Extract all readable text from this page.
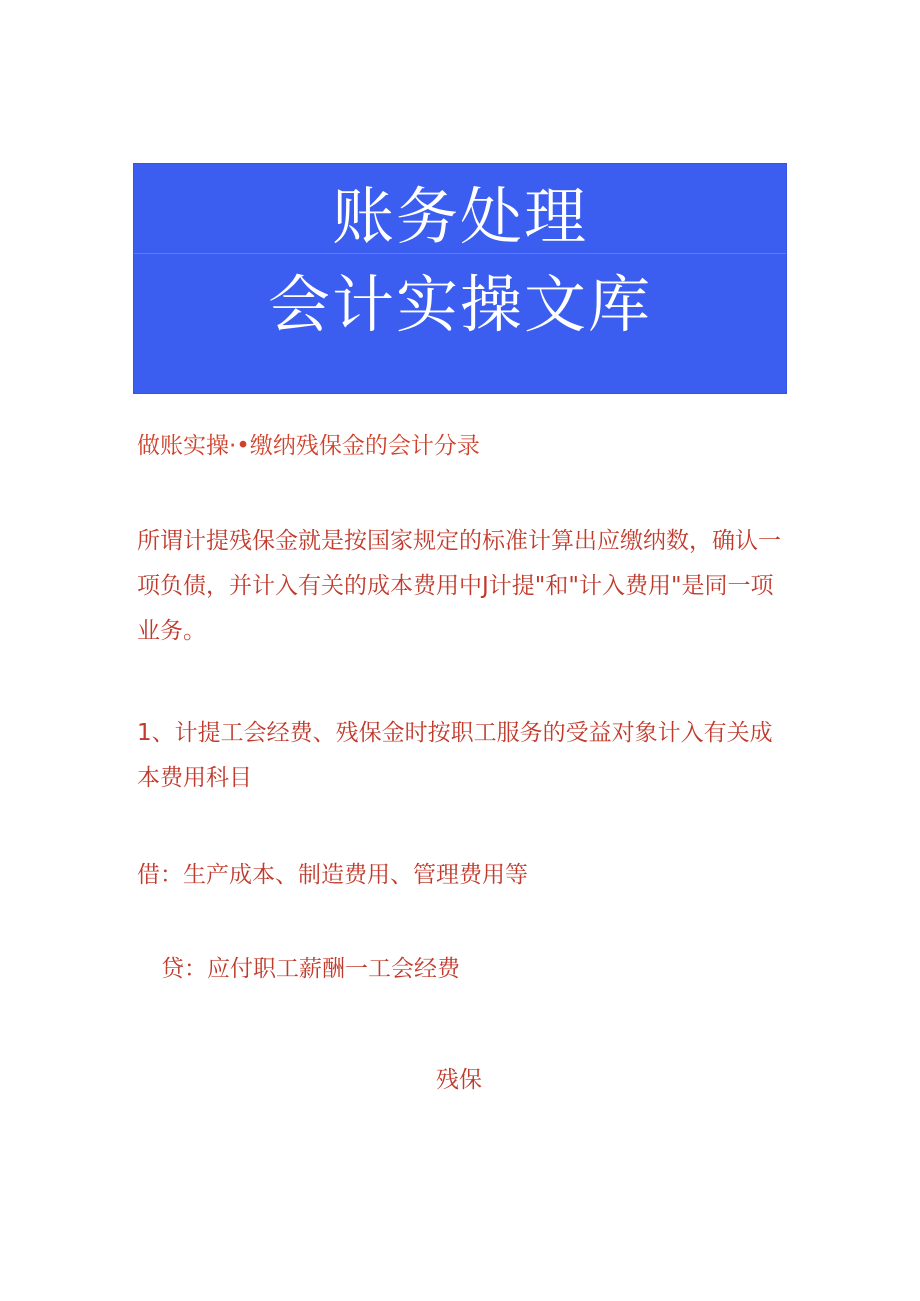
账务处理
会计实操文库

做账实操·•缴纳残保金的会计分录

所谓计提残保金就是按国家规定的标准计算出应缴纳数，确认一项负债，并计入有关的成本费用中J计提"和"计入费用"是同一项业务。

1、计提工会经费、残保金时按职工服务的受益对象计入有关成本费用科目

借：生产成本、制造费用、管理费用等

贷：应付职工薪酬一工会经费

残保
